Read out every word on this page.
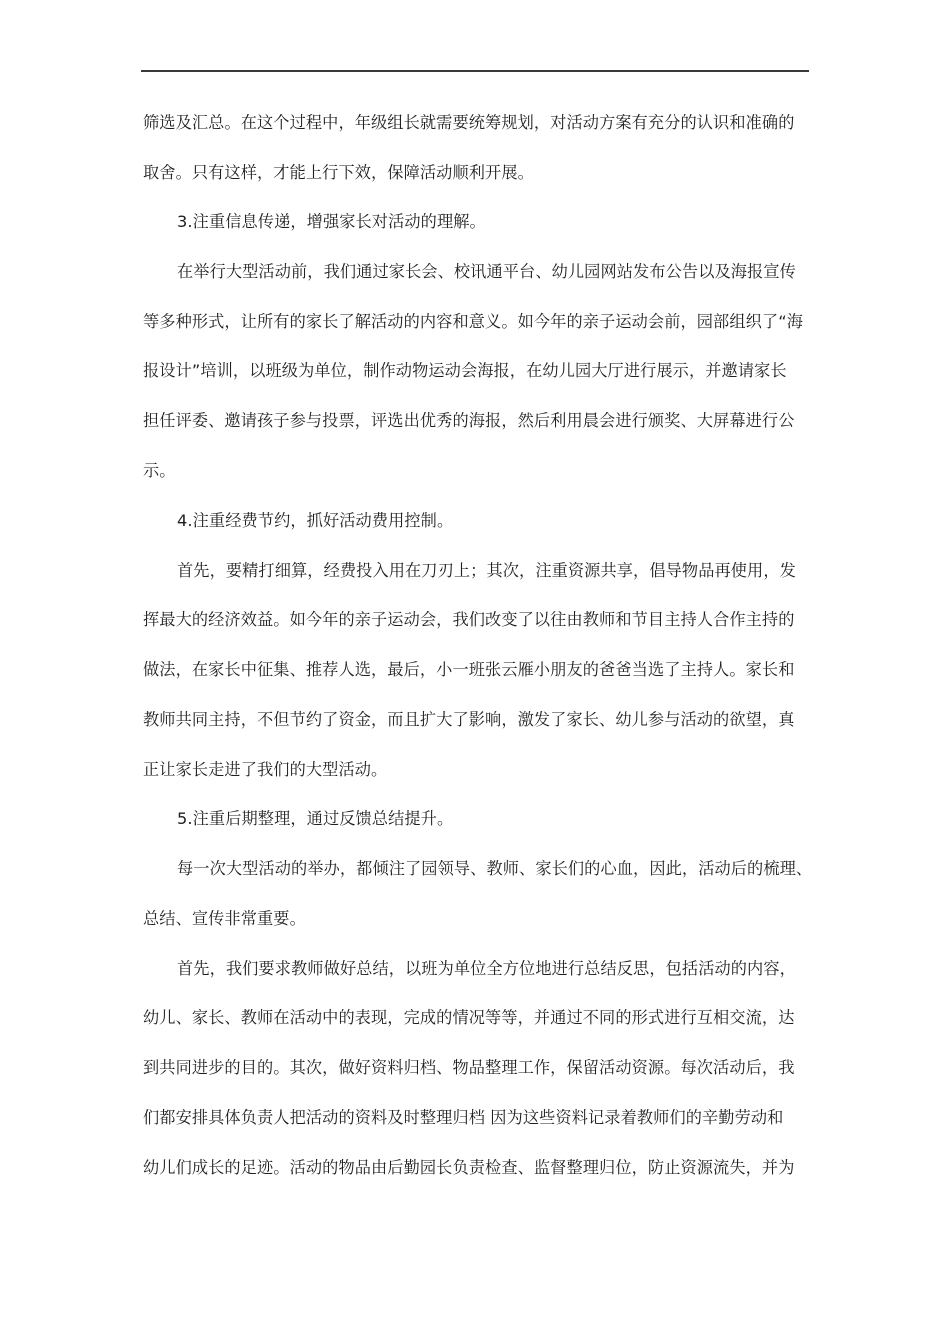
筛选及汇总。在这个过程中，年级组长就需要统筹规划，对活动方案有充分的认识和准确的
取舍。只有这样，才能上行下效，保障活动顺利开展。
3.注重信息传递，增强家长对活动的理解。
在举行大型活动前，我们通过家长会、校讯通平台、幼儿园网站发布公告以及海报宣传
等多种形式，让所有的家长了解活动的内容和意义。如今年的亲子运动会前，园部组织了“海
报设计”培训，以班级为单位，制作动物运动会海报，在幼儿园大厅进行展示，并邀请家长
担任评委、邀请孩子参与投票，评选出优秀的海报，然后利用晨会进行颁奖、大屏幕进行公
示。
4.注重经费节约，抓好活动费用控制。
首先，要精打细算，经费投入用在刀刃上；其次，注重资源共享，倡导物品再使用，发
挥最大的经济效益。如今年的亲子运动会，我们改变了以往由教师和节目主持人合作主持的
做法，在家长中征集、推荐人选，最后，小一班张云雁小朋友的爸爸当选了主持人。家长和
教师共同主持，不但节约了资金，而且扩大了影响，激发了家长、幼儿参与活动的欲望，真
正让家长走进了我们的大型活动。
5.注重后期整理，通过反馈总结提升。
每一次大型活动的举办，都倾注了园领导、教师、家长们的心血，因此，活动后的梳理、
总结、宣传非常重要。
首先，我们要求教师做好总结，以班为单位全方位地进行总结反思，包括活动的内容，
幼儿、家长、教师在活动中的表现，完成的情况等等，并通过不同的形式进行互相交流，达
到共同进步的目的。其次，做好资料归档、物品整理工作，保留活动资源。每次活动后，我
们都安排具体负责人把活动的资料及时整理归档 因为这些资料记录着教师们的辛勤劳动和
幼儿们成长的足迹。活动的物品由后勤园长负责检查、监督整理归位，防止资源流失，并为
